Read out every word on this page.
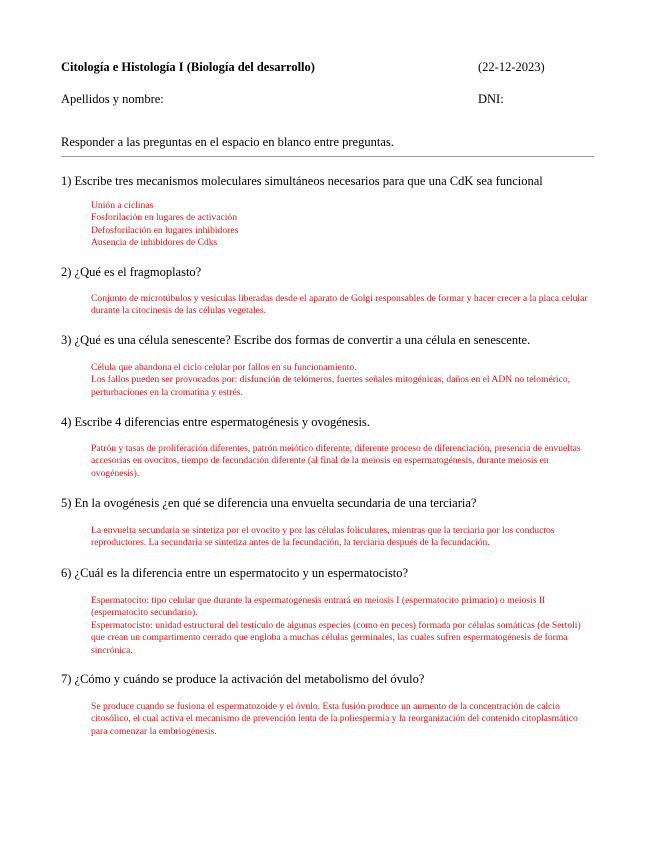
Citología e Histología I (Biología del desarrollo)	(22-12-2023)
Apellidos y nombre:	DNI:
Responder a las preguntas en el espacio en blanco entre preguntas.
1) Escribe tres mecanismos moleculares simultáneos necesarios para que una CdK sea funcional
Unión a ciclinas
Fosforilación en lugares de activación
Defosforilación en lugares inhibidores
Ausencia de inhibidores de Cdks
2) ¿Qué es el fragmoplasto?
Conjunto de microtúbulos y vesículas liberadas desde el aparato de Golgi responsables de formar y hacer crecer a la placa celular durante la citocinesis de las células vegetales.
3) ¿Qué es una célula senescente? Escribe dos formas de convertir a una célula en senescente.
Célula que abandona el ciclo celular por fallos en su funcionamiento.
Los fallos pueden ser provocados por: disfunción de telómeros, fuertes señales mitogénicas, daños en el ADN no telomérico, perturbaciones en la cromatina y estrés.
4) Escribe 4 diferencias entre espermatogénesis y ovogénesis.
Patrón y tasas de proliferación diferentes, patrón meiótico diferente, diferente proceso de diferenciación, presencia de envueltas accesorias en ovocitos, tiempo de fecundación diferente (al final de la meiosis en espermatogénesis, durante meiosis en ovogénesis).
5) En la ovogénesis ¿en qué se diferencia una envuelta secundaria de una terciaria?
La envuelta secundaria se sintetiza por el ovocito y por las células foliculares, mientras que la terciaria por los conductos reproductores. La secundaria se sintetiza antes de la fecundación, la terciaria después de la fecundación.
6) ¿Cuál es la diferencia entre un espermatocito y un espermatocisto?
Espermatocito: tipo celular que durante la espermatogénesis entrará en meiosis I (espermatocito primario) o meiosis II (espermatocito secundario).
Espermatocisto: unidad estructural del testículo de algunas especies (como en peces) formada por células somáticas (de Sertoli) que crean un compartimento cerrado que engloba a muchas células germinales, las cuales sufren espermatogénesis de forma sincrónica.
7) ¿Cómo y cuándo se produce la activación del metabolismo del óvulo?
Se produce cuando se fusiona el espermatozoide y el óvulo. Esta fusión produce un aumento de la concentración de calcio citosólico, el cual activa el mecanismo de prevención lenta de la poliespermia y la reorganización del contenido citoplasmático para comenzar la embriogénesis.
